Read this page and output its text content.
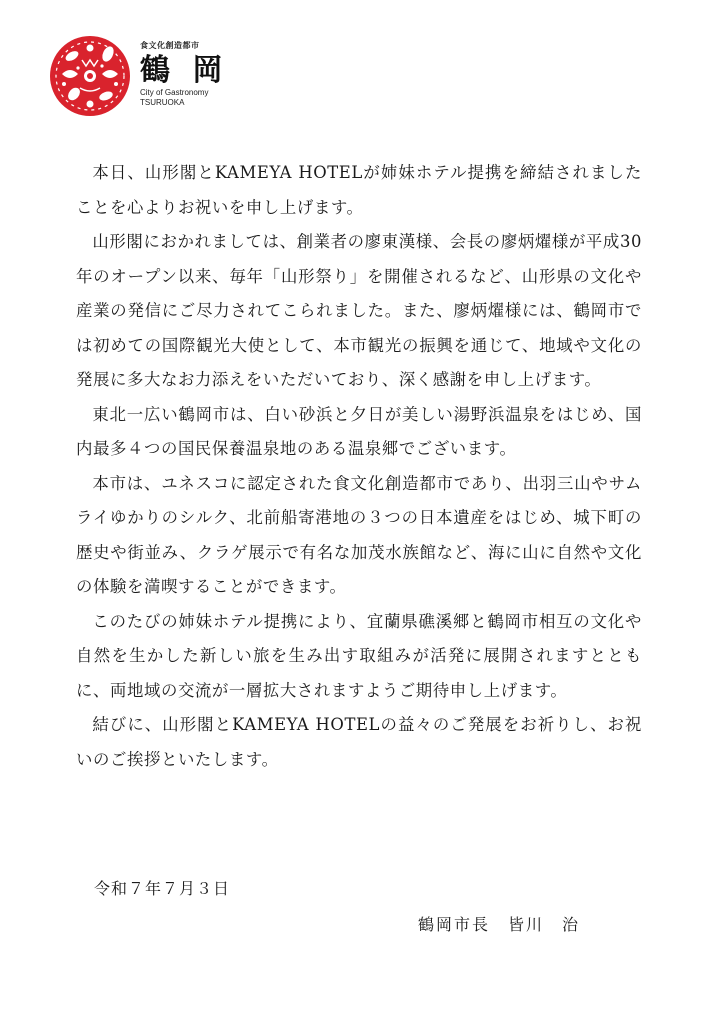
食文化創造都市
鶴 岡
City of Gastronomy
TSURUOKA

本日、山形閣とKAMEYA HOTELが姉妹ホテル提携を締結されましたことを心よりお祝いを申し上げます。

山形閣におかれましては、創業者の廖東漢様、会長の廖炳燿様が平成30年のオープン以来、毎年「山形祭り」を開催されるなど、山形県の文化や産業の発信にご尽力されてこられました。また、廖炳燿様には、鶴岡市では初めての国際観光大使として、本市観光の振興を通じて、地域や文化の発展に多大なお力添えをいただいており、深く感謝を申し上げます。

東北一広い鶴岡市は、白い砂浜と夕日が美しい湯野浜温泉をはじめ、国内最多４つの国民保養温泉地のある温泉郷でございます。

本市は、ユネスコに認定された食文化創造都市であり、出羽三山やサムライゆかりのシルク、北前船寄港地の３つの日本遺産をはじめ、城下町の歴史や街並み、クラゲ展示で有名な加茂水族館など、海に山に自然や文化の体験を満喫することができます。

このたびの姉妹ホテル提携により、宜蘭県礁溪郷と鶴岡市相互の文化や自然を生かした新しい旅を生み出す取組みが活発に展開されますとともに、両地域の交流が一層拡大されますようご期待申し上げます。

結びに、山形閣とKAMEYA HOTELの益々のご発展をお祈りし、お祝いのご挨拶といたします。

令和７年７月３日
鶴岡市長　皆川　治
